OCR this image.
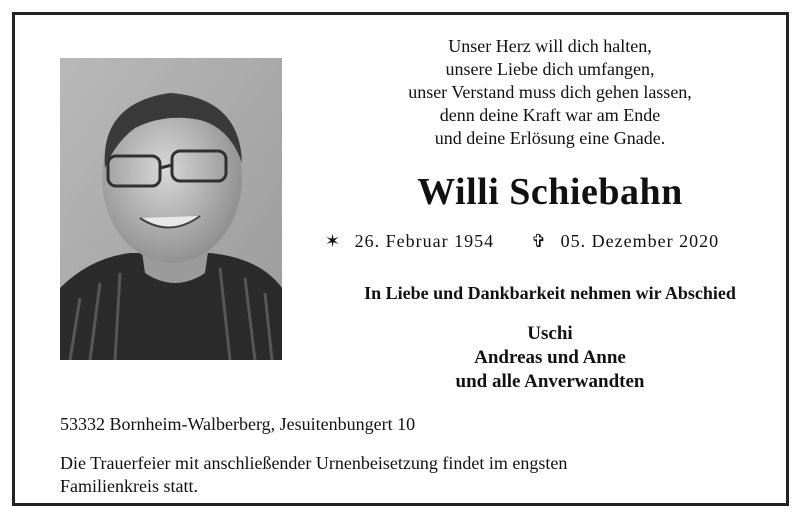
Unser Herz will dich halten,
unsere Liebe dich umfangen,
unser Verstand muss dich gehen lassen,
denn deine Kraft war am Ende
und deine Erlösung eine Gnade.
Willi Schiebahn
✶ 26. Februar 1954 ✞ 05. Dezember 2020
In Liebe und Dankbarkeit nehmen wir Abschied
Uschi
Andreas und Anne
und alle Anverwandten
53332 Bornheim-Walberberg, Jesuitenbungert 10
Die Trauerfeier mit anschließender Urnenbeisetzung findet im engsten
Familienkreis statt.
